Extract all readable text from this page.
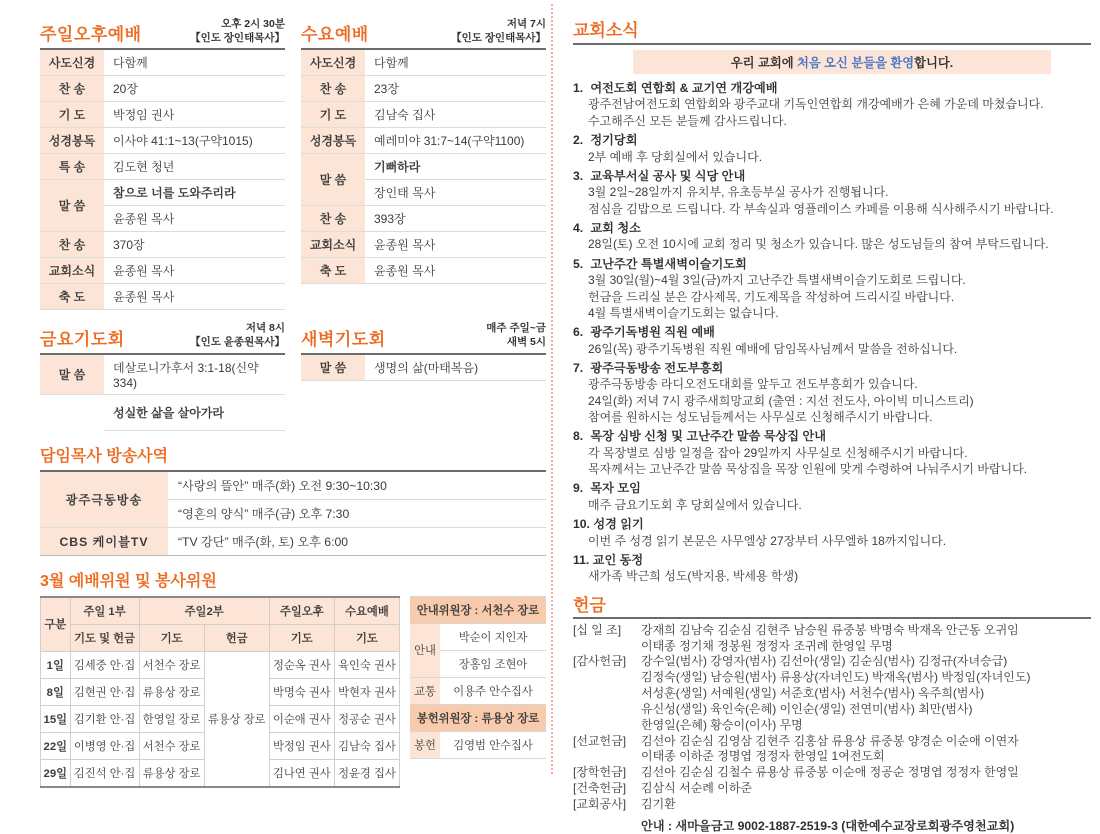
주일오후예배
오후 2시 30분
【인도 장인태목사】
사도신경	다함께
찬 송	20장
기 도	박정임 권사
성경봉독	이사야 41:1~13(구약1015)
특 송	김도현 청년
말 씀	참으로 너를 도와주리라
	윤종원 목사
찬 송	370장
교회소식	윤종원 목사
축 도	윤종원 목사
수요예배
저녁 7시
【인도 장인태목사】
사도신경	다함께
찬 송	23장
기 도	김남숙 집사
성경봉독	예레미야 31:7~14(구약1100)
말 씀	기뻐하라
	장인태 목사
찬 송	393장
교회소식	윤종원 목사
축 도	윤종원 목사
금요기도회
저녁 8시
【인도 윤종원목사】
말 씀	데살로니가후서 3:1-18(신약334)
	성실한 삶을 살아가라
새벽기도회
매주 주일~금
새벽 5시
말 씀	생명의 삶(마태복음)
담임목사 방송사역
광주극동방송	“사랑의 뜰안” 매주(화) 오전 9:30~10:30
	“영혼의 양식” 매주(금) 오후 7:30
CBS 케이블TV	“TV 강단” 매주(화, 토) 오후 6:00
3월 예배위원 및 봉사위원
구분	주일 1부	주일2부		주일오후	수요예배
	기도 및 헌금	기도	헌금	기도	기도
1일	김세중 안·집	서천수 장로	류용상 장로	정순옥 권사	육인숙 권사
8일	김현권 안·집	류용상 장로		박명숙 권사	박현자 권사
15일	김기환 안·집	한영일 장로		이순애 권사	정공순 권사
22일	이병영 안·집	서천수 장로		박정임 권사	김남숙 집사
29일	김진석 안·집	류용상 장로		김나연 권사	정윤경 집사
안내위원장 : 서천수 장로	
안내	박순이 지인자
	장홍임 조현아
교통	이용주 안수집사
봉헌위원장 : 류용상 장로	
봉헌	김영범 안수집사
교회소식
우리 교회에 처음 오신 분들을 환영합니다.
1. 여전도회 연합회 & 교기연 개강예배
광주전남여전도회 연합회와 광주교대 기독인연합회 개강예배가 은혜 가운데 마쳤습니다.
수고해주신 모든 분들께 감사드립니다.
2. 정기당회
2부 예배 후 당회실에서 있습니다.
3. 교육부서실 공사 및 식당 안내
3월 2일~28일까지 유치부, 유초등부실 공사가 진행됩니다.
점심을 김밥으로 드립니다. 각 부속실과 영플레이스 카페를 이용해 식사해주시기 바랍니다.
4. 교회 청소
28일(토) 오전 10시에 교회 정리 및 청소가 있습니다. 많은 성도님들의 참여 부탁드립니다.
5. 고난주간 특별새벽이슬기도회
3월 30일(월)~4월 3일(금)까지 고난주간 특별새벽이슬기도회로 드립니다.
헌금을 드리실 분은 감사제목, 기도제목을 작성하여 드리시길 바랍니다.
4월 특별새벽이슬기도회는 없습니다.
6. 광주기독병원 직원 예배
26일(목) 광주기독병원 직원 예배에 담임목사님께서 말씀을 전하십니다.
7. 광주극동방송 전도부흥회
광주극동방송 라디오전도대회를 앞두고 전도부흥회가 있습니다.
24일(화) 저녁 7시 광주새희망교회 (출연 : 지선 전도사, 아이빅 미니스트리)
참여를 원하시는 성도님들께서는 사무실로 신청해주시기 바랍니다.
8. 목장 심방 신청 및 고난주간 말씀 묵상집 안내
각 목장별로 심방 일정을 잡아 29일까지 사무실로 신청해주시기 바랍니다.
목자께서는 고난주간 말씀 묵상집을 목장 인원에 맞게 수령하여 나눠주시기 바랍니다.
9. 목자 모임
매주 금요기도회 후 당회실에서 있습니다.
10. 성경 읽기
이번 주 성경 읽기 본문은 사무엘상 27장부터 사무엘하 18까지입니다.
11. 교인 동정
새가족 박근희 성도(박지용, 박세용 학생)
헌금
[십 일 조]	강재희 김남숙 김순심 김현주 남승원 류중봉 박명숙 박재옥 안근동 오귀임
이태종 정기채 정봉원 정정자 조귀례 한영일 무명
[감사헌금]	강수일(범사) 강영자(범사) 김선아(생일) 김순심(범사) 김정규(자녀승급)
김정숙(생일) 남승원(범사) 류용상(자녀인도) 박재옥(범사) 박정임(자녀인도)
서성훈(생일) 서예원(생일) 서준호(범사) 서천수(범사) 옥주희(범사)
유신성(생일) 육인숙(은혜) 이인순(생일) 전연미(범사) 최만(범사)
한영일(은혜) 황승이(이사) 무명
[선교헌금]	김선아 김순심 김영삼 김현주 김홍삼 류용상 류중봉 양경순 이순애 이연자
이태종 이하준 정명엽 정정자 한영일 1여전도회
[장학헌금]	김선아 김순심 김철수 류용상 류중봉 이순애 정공순 정명엽 정정자 한영일
[건축헌금]	김삼식 서순례 이하준
[교회공사]	김기환
안내 : 새마을금고 9002-1887-2519-3 (대한예수교장로회광주영천교회)
